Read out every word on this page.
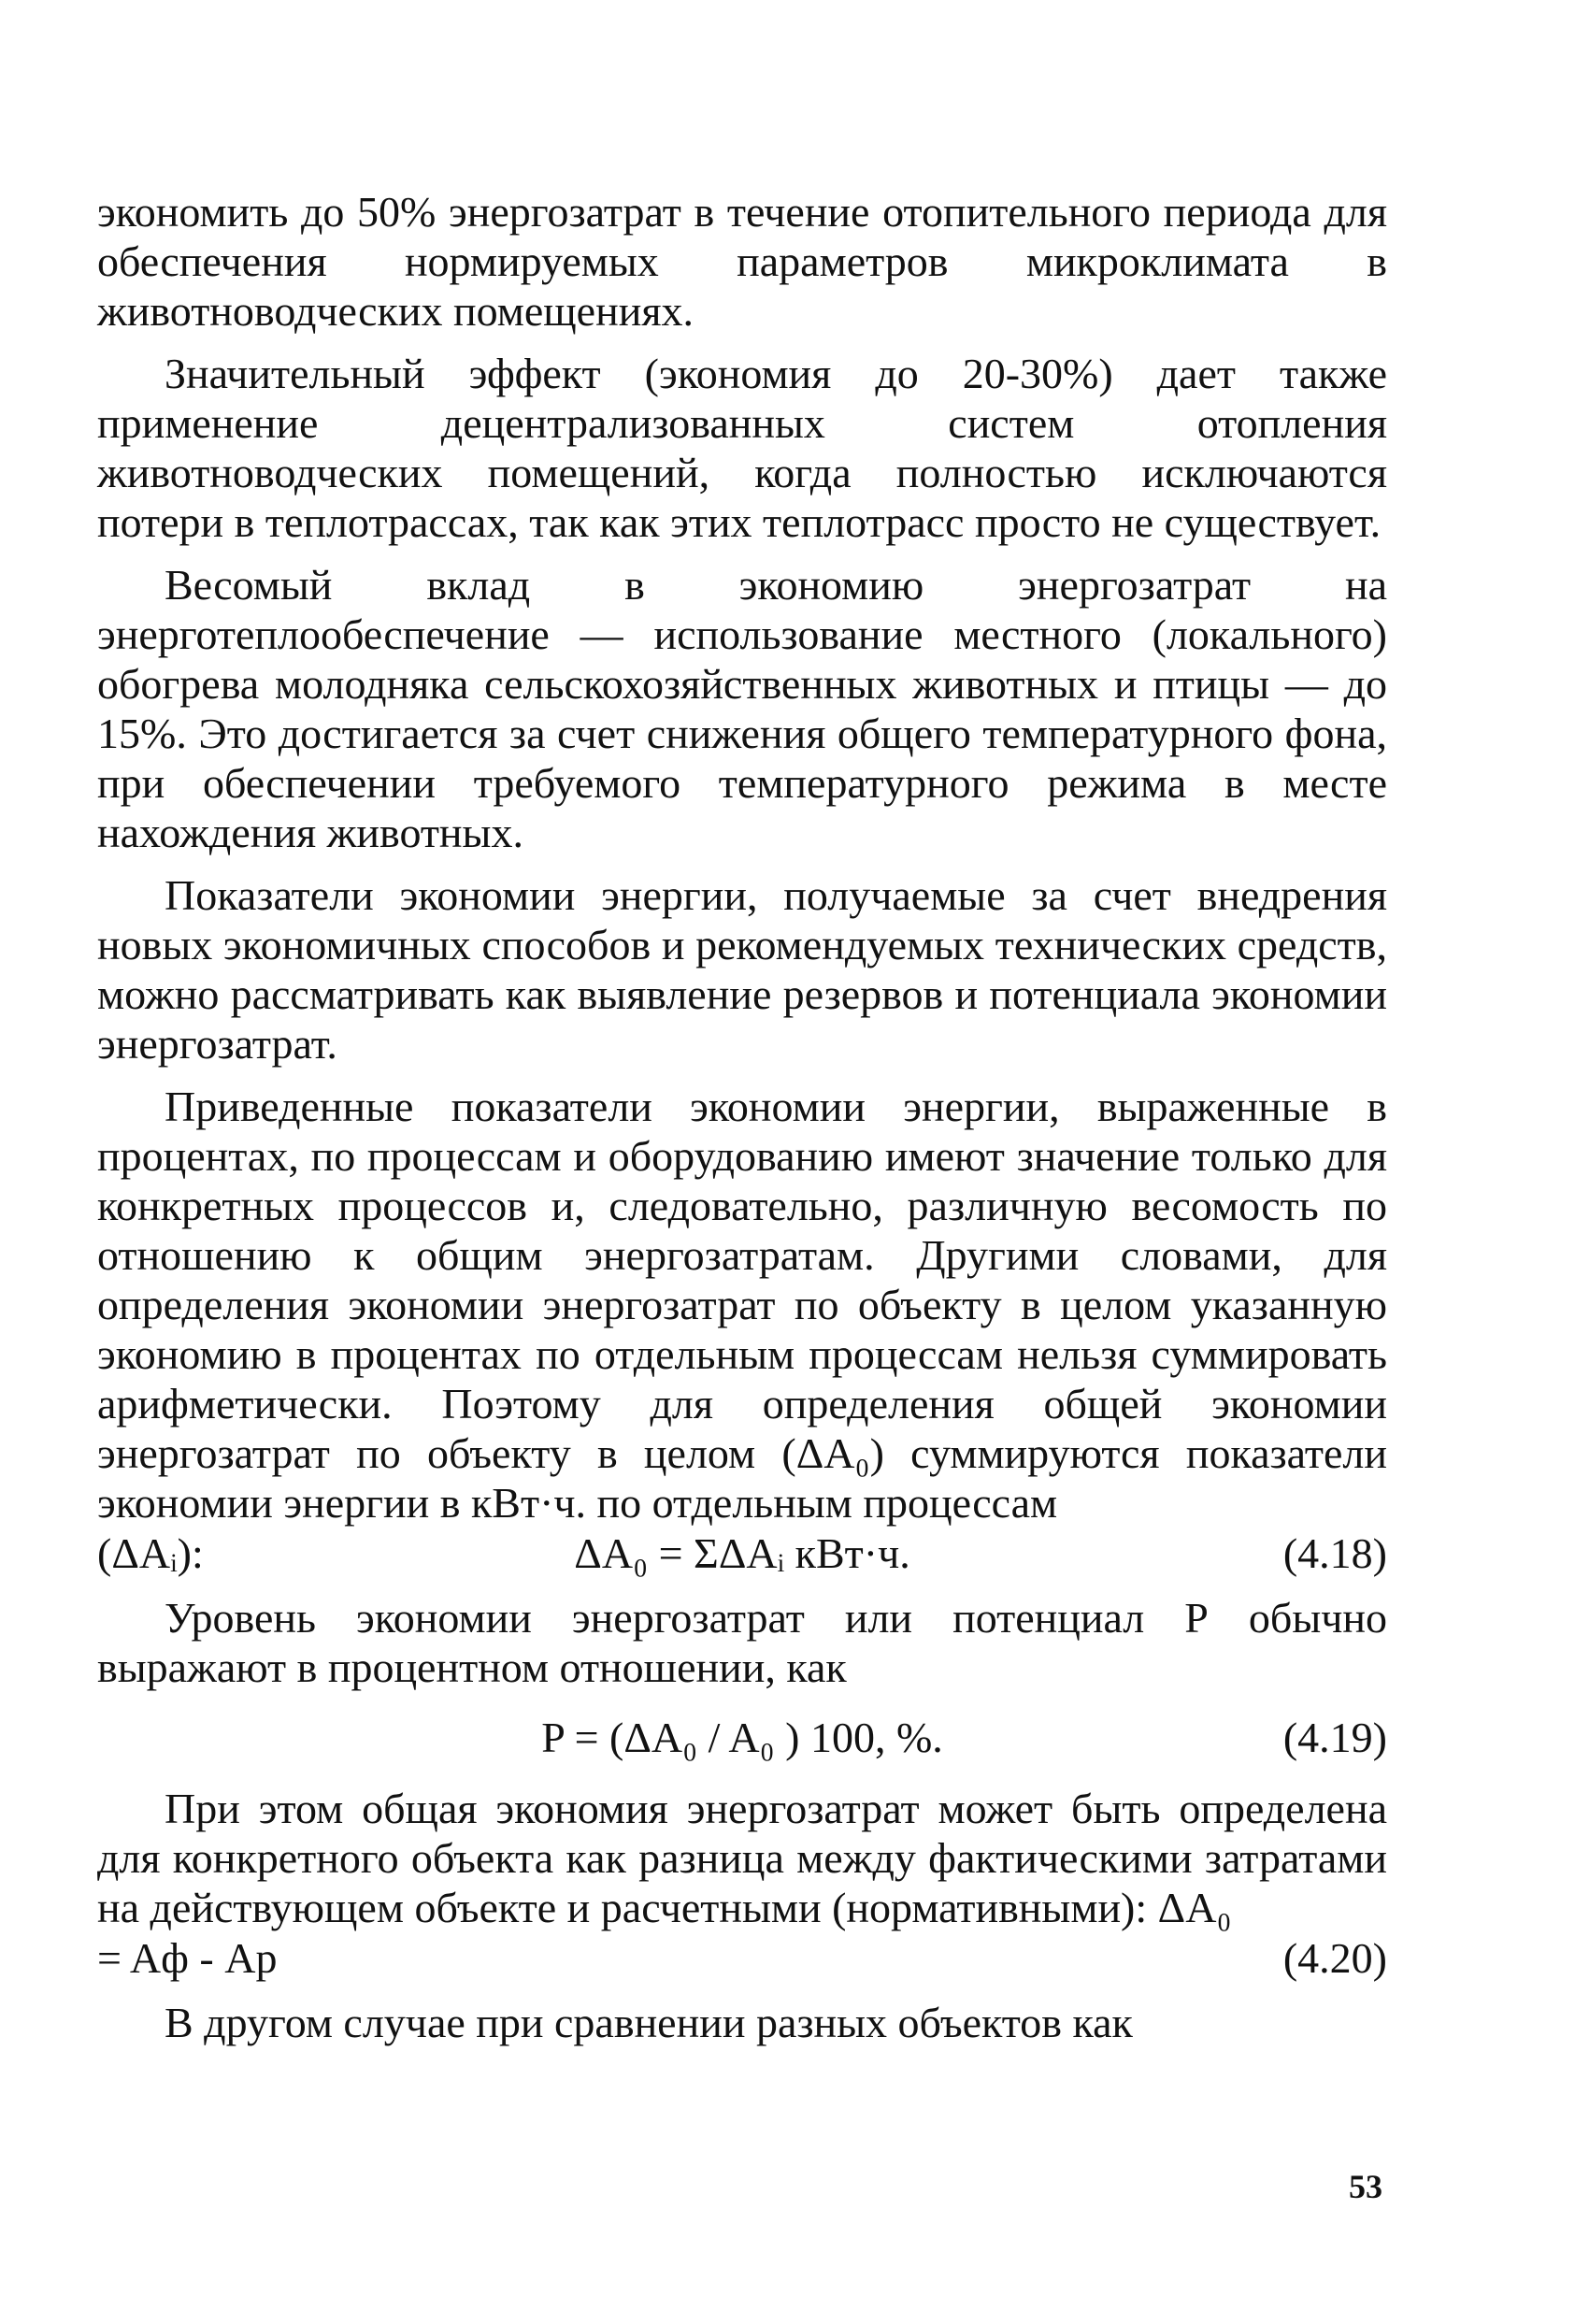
экономить до 50% энергозатрат в течение отопительного периода для обеспечения нормируемых параметров микроклимата в животноводческих помещениях.

Значительный эффект (экономия до 20-30%) дает также применение децентрализованных систем отопления животноводческих помещений, когда полностью исключаются потери в теплотрассах, так как этих теплотрасс просто не существует.

Весомый вклад в экономию энергозатрат на энерготеплообеспечение — использование местного (локального) обогрева молодняка сельскохозяйственных животных и птицы — до 15%. Это достигается за счет снижения общего температурного фона, при обеспечении требуемого температурного режима в месте нахождения животных.

Показатели экономии энергии, получаемые за счет внедрения новых экономичных способов и рекомендуемых технических средств, можно рассматривать как выявление резервов и потенциала экономии энергозатрат.

Приведенные показатели экономии энергии, выраженные в процентах, по процессам и оборудованию имеют значение только для конкретных процессов и, следовательно, различную весомость по отношению к общим энергозатратам. Другими словами, для определения экономии энергозатрат по объекту в целом указанную экономию в процентах по отдельным процессам нельзя суммировать арифметически. Поэтому для определения общей экономии энергозатрат по объекту в целом (ΔA₀) суммируются показатели экономии энергии в кВт·ч. по отдельным процессам

(ΔAᵢ):	ΔA₀ = ΣΔAᵢ кВт·ч.	(4.18)

Уровень экономии энергозатрат или потенциал Р обычно выражают в процентном отношении, как

P = (ΔA₀ / A₀ ) 100, %.	(4.19)

При этом общая экономия энергозатрат может быть определена для конкретного объекта как разница между фактическими затратами на действующем объекте и расчетными (нормативными): ΔA₀

= Aф - Aр	(4.20)

В другом случае при сравнении разных объектов как

53
